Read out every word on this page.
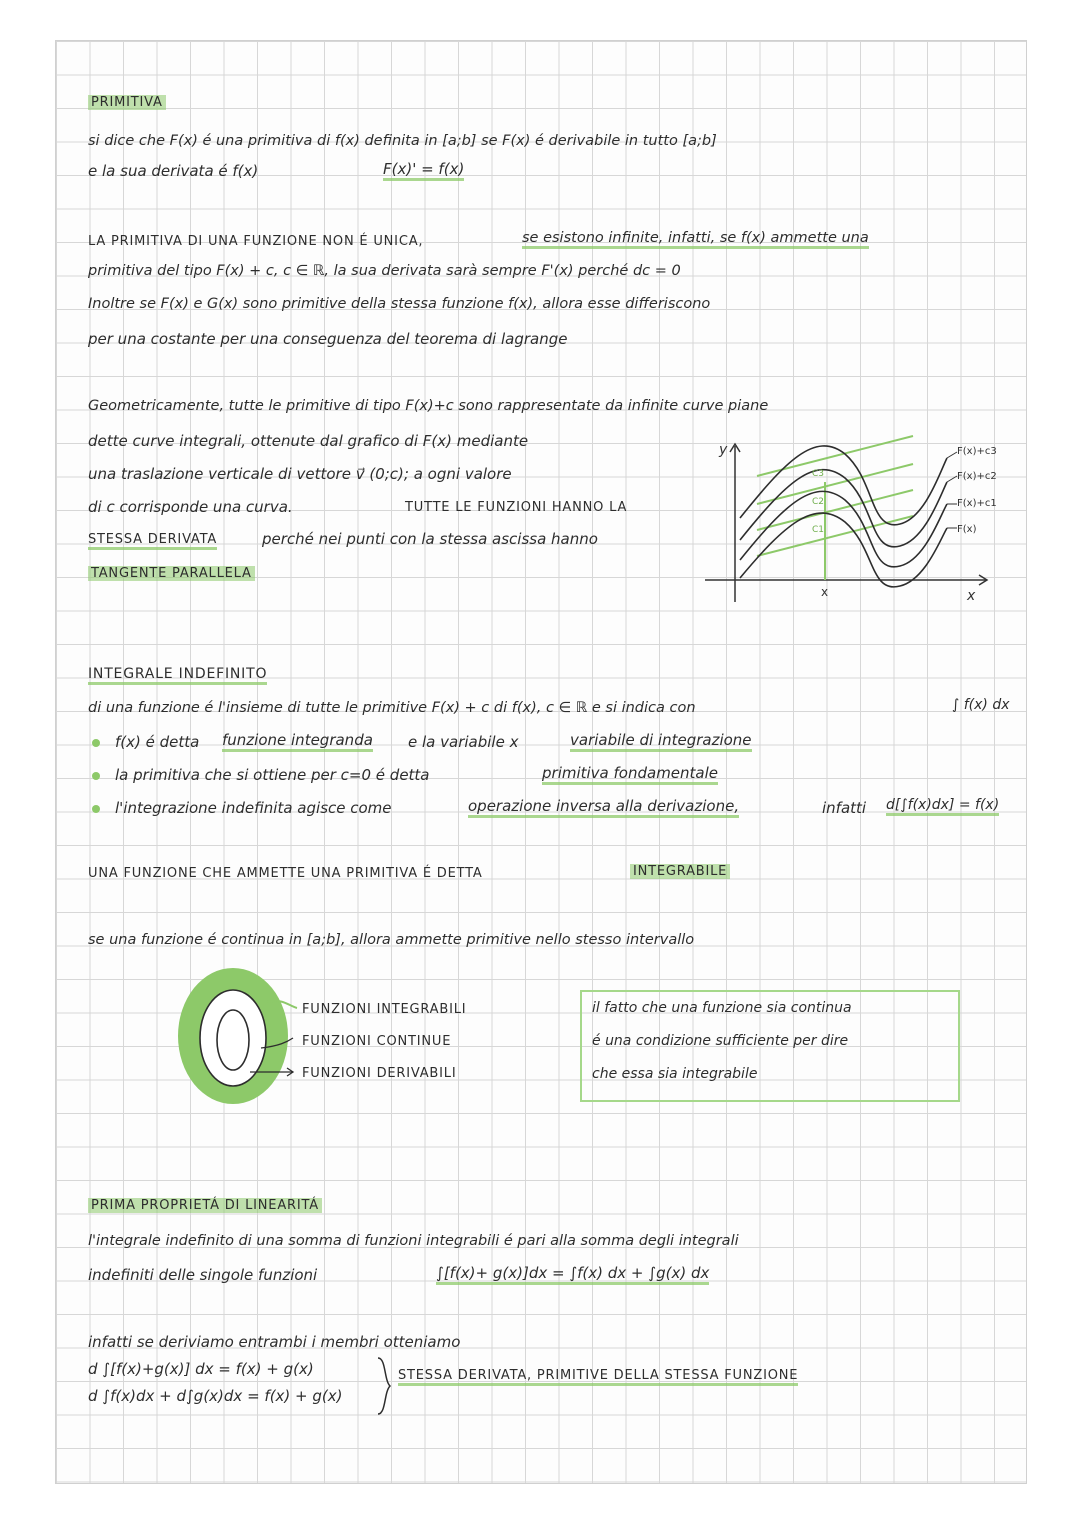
PRIMITIVA
si dice che F(x) é una primitiva di f(x) definita in [a;b] se F(x) é derivabile in tutto [a;b]
e la sua derivata é f(x)	F(x)' = f(x)
LA PRIMITIVA DI UNA FUNZIONE NON É UNICA,	se esistono infinite, infatti, se f(x) ammette una
primitiva del tipo F(x) + c, c ∈ ℝ, la sua derivata sarà sempre F'(x) perché dc = 0
Inoltre se F(x) e G(x) sono primitive della stessa funzione f(x), allora esse differiscono
per una costante per una conseguenza del teorema di lagrange
Geometricamente, tutte le primitive di tipo F(x)+c sono rappresentate da infinite curve piane
dette curve integrali, ottenute dal grafico di F(x) mediante
una traslazione verticale di vettore v⃗ (0;c); a ogni valore
di c corrisponde una curva.	TUTTE LE FUNZIONI HANNO LA
STESSA DERIVATA	perché nei punti con la stessa ascissa hanno
TANGENTE PARALLELA
y
x
x
C3
C2
C1
F(x)+c3
F(x)+c2
F(x)+c1
F(x)
INTEGRALE INDEFINITO
di una funzione é l'insieme di tutte le primitive F(x) + c di f(x), c ∈ ℝ e si indica con	∫ f(x) dx
f(x) é detta funzione integranda e la variabile x	variabile di integrazione
la primitiva che si ottiene per c=0 é detta	primitiva fondamentale
l'integrazione indefinita agisce come	operazione inversa alla derivazione,	infatti d[∫f(x)dx] = f(x)
UNA FUNZIONE CHE AMMETTE UNA PRIMITIVA É DETTA	INTEGRABILE
se una funzione é continua in [a;b], allora ammette primitive nello stesso intervallo
FUNZIONI INTEGRABILI
FUNZIONI CONTINUE
FUNZIONI DERIVABILI
il fatto che una funzione sia continua
é una condizione sufficiente per dire
che essa sia integrabile
PRIMA PROPRIETÁ DI LINEARITÁ
l'integrale indefinito di una somma di funzioni integrabili é pari alla somma degli integrali
indefiniti delle singole funzioni	∫[f(x)+ g(x)]dx = ∫f(x) dx + ∫g(x) dx
infatti se deriviamo entrambi i membri otteniamo
d ∫[f(x)+g(x)] dx = f(x) + g(x)
d ∫f(x)dx + d∫g(x)dx = f(x) + g(x)
STESSA DERIVATA, PRIMITIVE DELLA STESSA FUNZIONE
